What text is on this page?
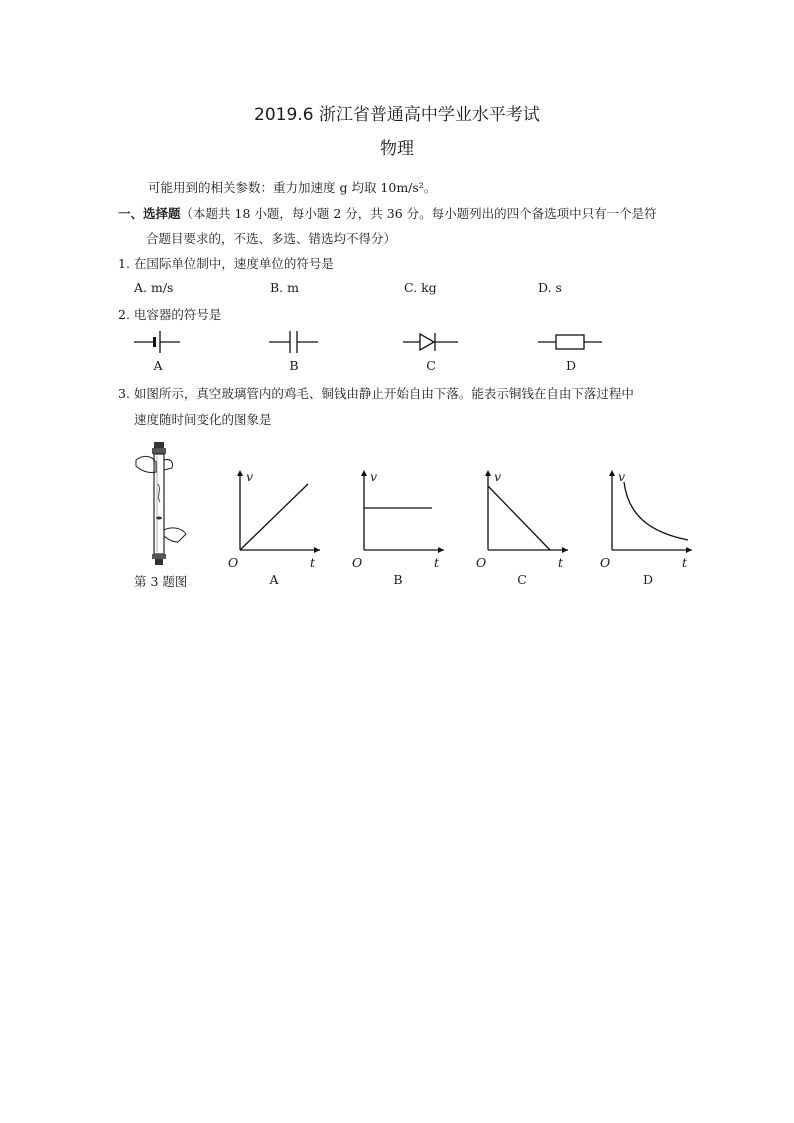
2019.6 浙江省普通高中学业水平考试
物理
可能用到的相关参数：重力加速度 g 均取 10m/s²。
一、选择题（本题共 18 小题，每小题 2 分，共 36 分。每小题列出的四个备选项中只有一个是符
合题目要求的，不选、多选、错选均不得分）
1. 在国际单位制中，速度单位的符号是
A. m/s	B. m	C. kg	D. s
2. 电容器的符号是
A	B	C	D
3. 如图所示，真空玻璃管内的鸡毛、铜钱由静止开始自由下落。能表示铜钱在自由下落过程中
速度随时间变化的图象是
第 3 题图
v
O	t
A
v
O	t
B
v
O	t
C
v
O	t
D
